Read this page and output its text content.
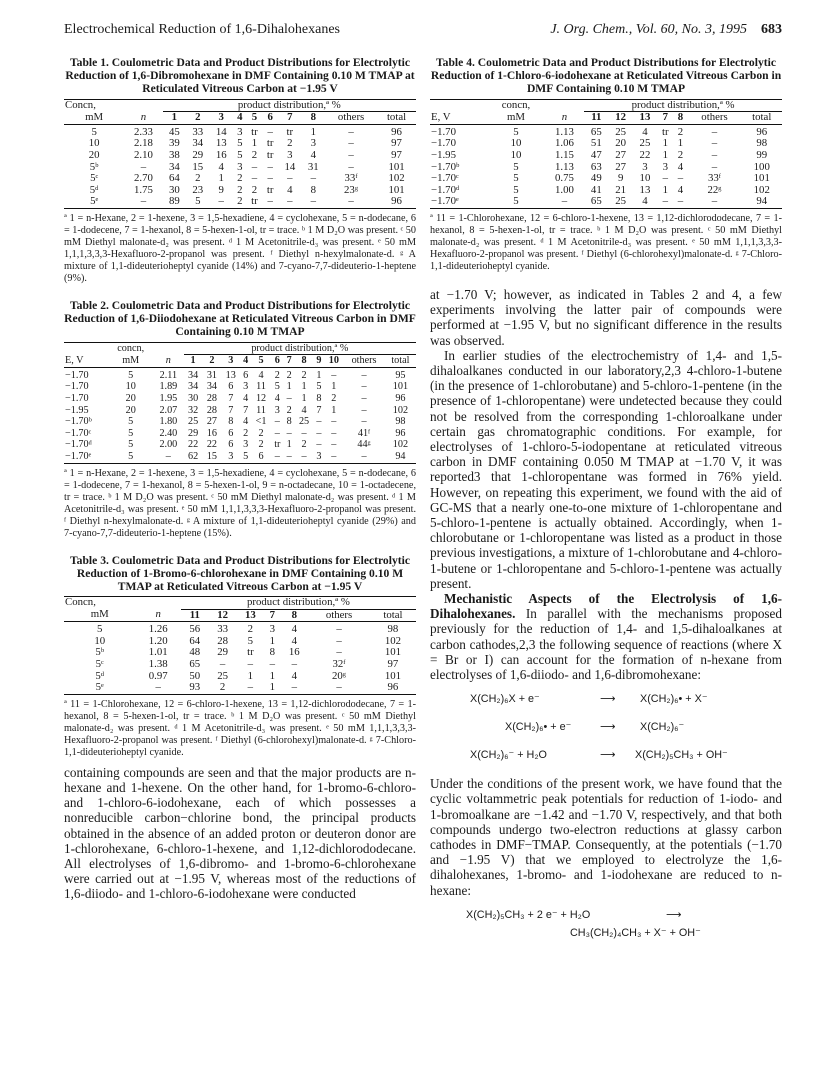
Electrochemical Reduction of 1,6-Dihalohexanes	J. Org. Chem., Vol. 60, No. 3, 1995 683

Table 1. Coulometric Data and Product Distributions for Electrolytic Reduction of 1,6-Dibromohexane in DMF Containing 0.10 M TMAP at Reticulated Vitreous Carbon at −1.95 V

Concn,		product distribution,ª %									
mM	n	1	2	3	4	5	6	7	8	others	total
5	2.33	45	33	14	3	tr	–	tr	1	–	96
10	2.18	39	34	13	5	1	tr	2	3	–	97
20	2.10	38	29	16	5	2	tr	3	4	–	97
5ᵇ	–	34	15	4	3	–	–	14	31	–	101
5ᶜ	2.70	64	2	1	2	–	–	–	–	33ᶠ	102
5ᵈ	1.75	30	23	9	2	2	tr	4	8	23ᵍ	101
5ᵉ	–	89	5	–	2	tr	–	–	–	–	96

ª 1 = n-Hexane, 2 = 1-hexene, 3 = 1,5-hexadiene, 4 = cyclohexane, 5 = n-dodecane, 6 = 1-dodecene, 7 = 1-hexanol, 8 = 5-hexen-1-ol, tr = trace. ᵇ 1 M D₂O was present. ᶜ 50 mM Diethyl malonate-d₂ was present. ᵈ 1 M Acetonitrile-d₃ was present. ᵉ 50 mM 1,1,1,3,3,3-Hexafluoro-2-propanol was present. ᶠ Diethyl n-hexylmalonate-d. ᵍ A mixture of 1,1-dideuterioheptyl cyanide (14%) and 7-cyano-7,7-dideuterio-1-heptene (9%).

Table 2. Coulometric Data and Product Distributions for Electrolytic Reduction of 1,6-Diiodohexane at Reticulated Vitreous Carbon in DMF Containing 0.10 M TMAP

	concn,		product distribution,ª %											
E, V	mM	n	1	2	3	4	5	6	7	8	9	10	others	total
−1.70	5	2.11	34	31	13	6	4	2	2	2	1	–	–	95
−1.70	10	1.89	34	34	6	3	11	5	1	1	5	1	–	101
−1.70	20	1.95	30	28	7	4	12	4	–	1	8	2	–	96
−1.95	20	2.07	32	28	7	7	11	3	2	4	7	1	–	102
−1.70ᵇ	5	1.80	25	27	8	4	<1	–	8	25	–	–	–	98
−1.70ᶜ	5	2.40	29	16	6	2	2	–	–	–	–	–	41ᶠ	96
−1.70ᵈ	5	2.00	22	22	6	3	2	tr	1	2	–	–	44ᵍ	102
−1.70ᵉ	5	–	62	15	3	5	6	–	–	–	3	–	–	94

ª 1 = n-Hexane, 2 = 1-hexene, 3 = 1,5-hexadiene, 4 = cyclohexane, 5 = n-dodecane, 6 = 1-dodecene, 7 = 1-hexanol, 8 = 5-hexen-1-ol, 9 = n-octadecane, 10 = 1-octadecene, tr = trace. ᵇ 1 M D₂O was present. ᶜ 50 mM Diethyl malonate-d₂ was present. ᵈ 1 M Acetonitrile-d₃ was present. ᵉ 50 mM 1,1,1,3,3,3-Hexafluoro-2-propanol was present. ᶠ Diethyl n-hexylmalonate-d. ᵍ A mixture of 1,1-dideuterioheptyl cyanide (29%) and 7-cyano-7,7-dideuterio-1-heptene (15%).

Table 3. Coulometric Data and Product Distributions for Electrolytic Reduction of 1-Bromo-6-chlorohexane in DMF Containing 0.10 M TMAP at Reticulated Vitreous Carbon at −1.95 V

Concn,		product distribution,ª %						
mM	n	11	12	13	7	8	others	total
5	1.26	56	33	2	3	4	–	98
10	1.20	64	28	5	1	4	–	102
5ᵇ	1.01	48	29	tr	8	16	–	101
5ᶜ	1.38	65	–	–	–	–	32ᶠ	97
5ᵈ	0.97	50	25	1	1	4	20ᵍ	101
5ᵉ	–	93	2	–	1	–	–	96

ª 11 = 1-Chlorohexane, 12 = 6-chloro-1-hexene, 13 = 1,12-dichlorododecane, 7 = 1-hexanol, 8 = 5-hexen-1-ol, tr = trace. ᵇ 1 M D₂O was present. ᶜ 50 mM Diethyl malonate-d₂ was present. ᵈ 1 M Acetonitrile-d₃ was present. ᵉ 50 mM 1,1,1,3,3,3-Hexafluoro-2-propanol was present. ᶠ Diethyl (6-chlorohexyl)malonate-d. ᵍ 7-Chloro-1,1-dideuterioheptyl cyanide.

containing compounds are seen and that the major products are n-hexane and 1-hexene. On the other hand, for 1-bromo-6-chloro- and 1-chloro-6-iodohexane, each of which possesses a nonreducible carbon−chlorine bond, the principal products obtained in the absence of an added proton or deuteron donor are 1-chlorohexane, 6-chloro-1-hexene, and 1,12-dichlorododecane. All electrolyses of 1,6-dibromo- and 1-bromo-6-chlorohexane were carried out at −1.95 V, whereas most of the reductions of 1,6-diiodo- and 1-chloro-6-iodohexane were conducted

Table 4. Coulometric Data and Product Distributions for Electrolytic Reduction of 1-Chloro-6-iodohexane at Reticulated Vitreous Carbon in DMF Containing 0.10 M TMAP

	concn,		product distribution,ª %						
E, V	mM	n	11	12	13	7	8	others	total
−1.70	5	1.13	65	25	4	tr	2	–	96
−1.70	10	1.06	51	20	25	1	1	–	98
−1.95	10	1.15	47	27	22	1	2	–	99
−1.70ᵇ	5	1.13	63	27	3	3	4	–	100
−1.70ᶜ	5	0.75	49	9	10	–	–	33ᶠ	101
−1.70ᵈ	5	1.00	41	21	13	1	4	22ᵍ	102
−1.70ᵉ	5	–	65	25	4	–	–	–	94

ª 11 = 1-Chlorohexane, 12 = 6-chloro-1-hexene, 13 = 1,12-dichlorododecane, 7 = 1-hexanol, 8 = 5-hexen-1-ol, tr = trace. ᵇ 1 M D₂O was present. ᶜ 50 mM Diethyl malonate-d₂ was present. ᵈ 1 M Acetonitrile-d₃ was present. ᵉ 50 mM 1,1,1,3,3,3-Hexafluoro-2-propanol was present. ᶠ Diethyl (6-chlorohexyl)malonate-d. ᵍ 7-Chloro-1,1-dideuterioheptyl cyanide.

at −1.70 V; however, as indicated in Tables 2 and 4, a few experiments involving the latter pair of compounds were performed at −1.95 V, but no significant difference in the results was observed.

In earlier studies of the electrochemistry of 1,4- and 1,5-dihaloalkanes conducted in our laboratory,2,3 4-chloro-1-butene (in the presence of 1-chlorobutane) and 5-chloro-1-pentene (in the presence of 1-chloropentane) were undetected because they could not be resolved from the corresponding 1-chloroalkane under certain gas chromatographic conditions. For example, for electrolyses of 1-chloro-5-iodopentane at reticulated vitreous carbon in DMF containing 0.050 M TMAP at −1.70 V, it was reported3 that 1-chloropentane was formed in 76% yield. However, on repeating this experiment, we found with the aid of GC-MS that a nearly one-to-one mixture of 1-chloropentane and 5-chloro-1-pentene is actually obtained. Accordingly, when 1-chlorobutane or 1-chloropentane was listed as a product in those previous investigations, a mixture of 1-chlorobutane and 4-chloro-1-butene or 1-chloropentane and 5-chloro-1-pentene was actually present.

Mechanistic Aspects of the Electrolysis of 1,6-Dihalohexanes. In parallel with the mechanisms proposed previously for the reduction of 1,4- and 1,5-dihaloalkanes at carbon cathodes,2,3 the following sequence of reactions (where X = Br or I) can account for the formation of n-hexane from electrolyses of 1,6-diiodo- and 1,6-dibromohexane:

X(CH₂)₆X + e⁻	⟶ X(CH₂)₆• + X⁻
X(CH₂)₆• + e⁻	⟶ X(CH₂)₆⁻
X(CH₂)₆⁻ + H₂O	⟶ X(CH₂)₅CH₃ + OH⁻

Under the conditions of the present work, we have found that the cyclic voltammetric peak potentials for reduction of 1-iodo- and 1-bromoalkane are −1.42 and −1.70 V, respectively, and that both compounds undergo two-electron reductions at glassy carbon cathodes in DMF−TMAP. Consequently, at the potentials (−1.70 and −1.95 V) that we employed to electrolyze the 1,6-dihalohexanes, 1-bromo- and 1-iodohexane are reduced to n-hexane:

X(CH₂)₅CH₃ + 2 e⁻ + H₂O	⟶
CH₃(CH₂)₄CH₃ + X⁻ + OH⁻
